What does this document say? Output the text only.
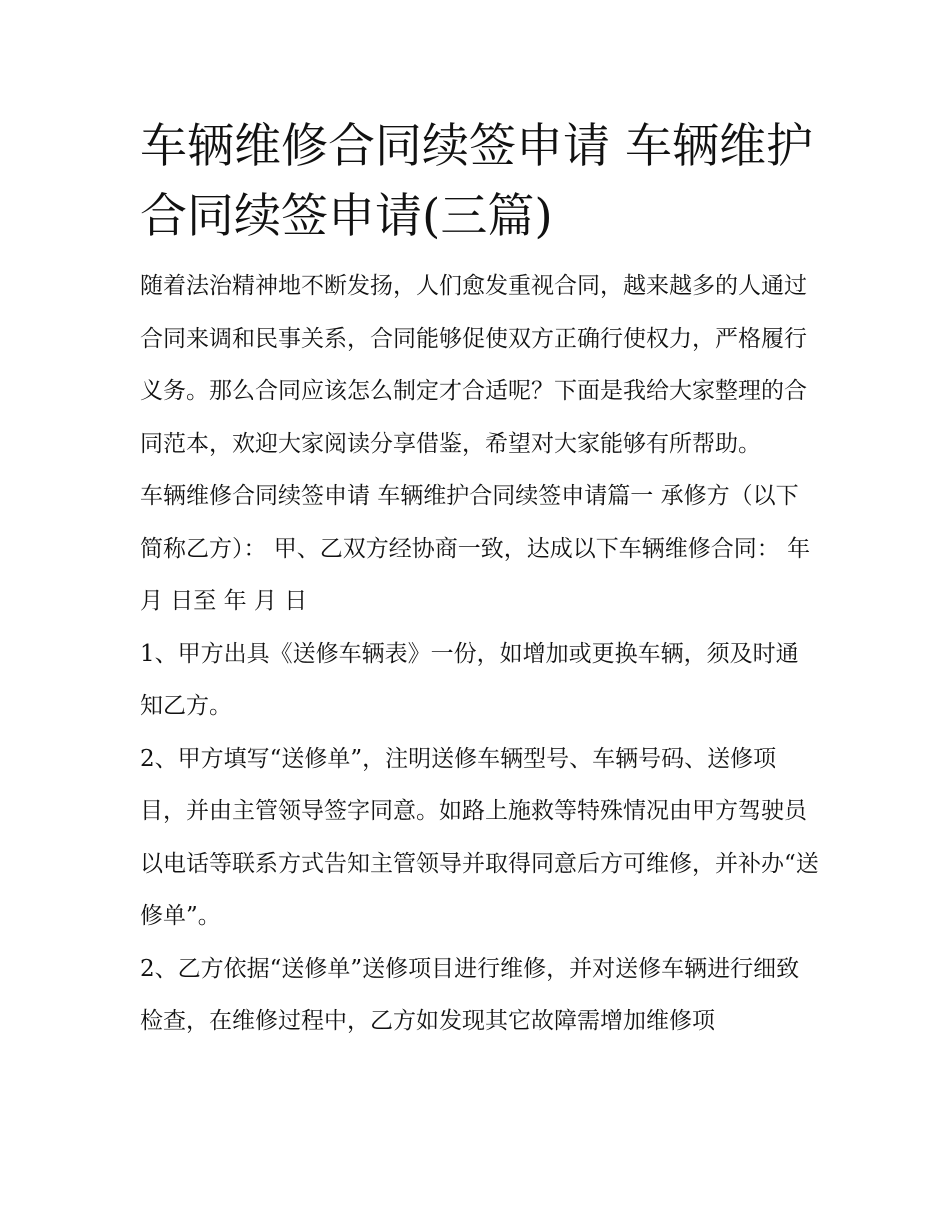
车辆维修合同续签申请 车辆维护合同续签申请(三篇)

随着法治精神地不断发扬，人们愈发重视合同，越来越多的人通过合同来调和民事关系，合同能够促使双方正确行使权力，严格履行义务。那么合同应该怎么制定才合适呢？下面是我给大家整理的合同范本，欢迎大家阅读分享借鉴，希望对大家能够有所帮助。

车辆维修合同续签申请 车辆维护合同续签申请篇一 承修方（以下简称乙方）： 甲、乙双方经协商一致，达成以下车辆维修合同： 年 月 日至 年 月 日

1、甲方出具《送修车辆表》一份，如增加或更换车辆，须及时通知乙方。

2、甲方填写“送修单”，注明送修车辆型号、车辆号码、送修项目，并由主管领导签字同意。如路上施救等特殊情况由甲方驾驶员以电话等联系方式告知主管领导并取得同意后方可维修，并补办“送修单”。

2、乙方依据“送修单”送修项目进行维修，并对送修车辆进行细致检查，在维修过程中，乙方如发现其它故障需增加维修项
